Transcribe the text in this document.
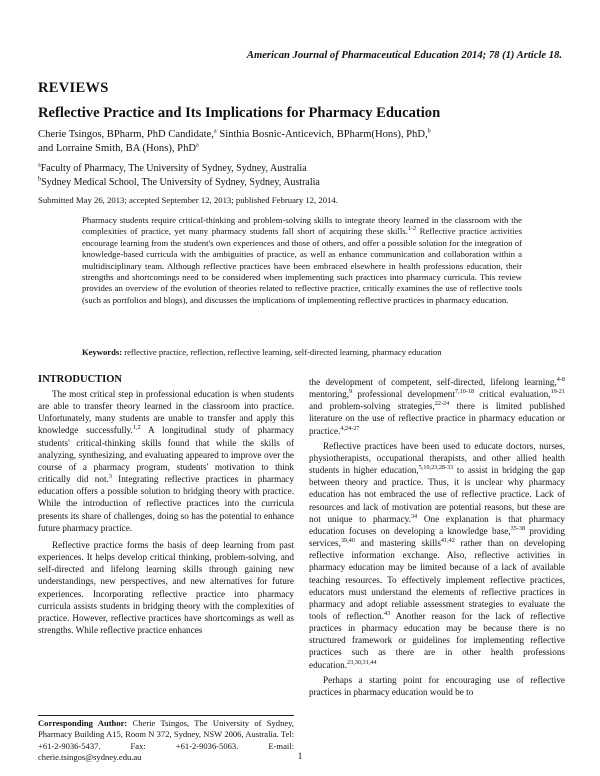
American Journal of Pharmaceutical Education 2014; 78 (1) Article 18.
REVIEWS
Reflective Practice and Its Implications for Pharmacy Education
Cherie Tsingos, BPharm, PhD Candidate,$^a$ Sinthia Bosnic-Anticevich, BPharm(Hons), PhD,$^b$
and Lorraine Smith, BA (Hons), PhD$^a$
$^a$Faculty of Pharmacy, The University of Sydney, Sydney, Australia
$^b$Sydney Medical School, The University of Sydney, Sydney, Australia
Submitted May 26, 2013; accepted September 12, 2013; published February 12, 2014.
Pharmacy students require critical-thinking and problem-solving skills to integrate theory learned in the classroom with the complexities of practice, yet many pharmacy students fall short of acquiring these skills.$^{1-2}$ Reflective practice activities encourage learning from the student's own experiences and those of others, and offer a possible solution for the integration of knowledge-based curricula with the ambiguities of practice, as well as enhance communication and collaboration within a multidisciplinary team. Although reflective practices have been embraced elsewhere in health professions education, their strengths and shortcomings need to be considered when implementing such practices into pharmacy curricula. This review provides an overview of the evolution of theories related to reflective practice, critically examines the use of reflective tools (such as portfolios and blogs), and discusses the implications of implementing reflective practices in pharmacy education.
Keywords: reflective practice, reflection, reflective learning, self-directed learning, pharmacy education
INTRODUCTION

The most critical step in professional education is when students are able to transfer theory learned in the classroom into practice. Unfortunately, many students are unable to transfer and apply this knowledge successfully.$^{1,2}$ A longitudinal study of pharmacy students' critical-thinking skills found that while the skills of analyzing, synthesizing, and evaluating appeared to improve over the course of a pharmacy program, students' motivation to think critically did not.$^3$ Integrating reflective practices in pharmacy education offers a possible solution to bridging theory with practice. While the introduction of reflective practices into the curricula presents its share of challenges, doing so has the potential to enhance future pharmacy practice.

Reflective practice forms the basis of deep learning from past experiences. It helps develop critical thinking, problem-solving, and self-directed and lifelong learning skills through gaining new understandings, new perspectives, and new alternatives for future experiences. Incorporating reflective practice into pharmacy curricula assists students in bridging theory with the complexities of practice. However, reflective practices have shortcomings as well as strengths. While reflective practice enhances

the development of competent, self-directed, lifelong learning,$^{4-8}$ mentoring,$^9$ professional development$^{7,10-18}$ critical evaluation,$^{19-21}$ and problem-solving strategies,$^{22-24}$ there is limited published literature on the use of reflective practice in pharmacy education or practice.$^{4,24-27}$

Reflective practices have been used to educate doctors, nurses, physiotherapists, occupational therapists, and other allied health students in higher education,$^{5,19,23,28-33}$ to assist in bridging the gap between theory and practice. Thus, it is unclear why pharmacy education has not embraced the use of reflective practice. Lack of resources and lack of motivation are potential reasons, but these are not unique to pharmacy.$^{34}$ One explanation is that pharmacy education focuses on developing a knowledge base,$^{35-38}$ providing services,$^{39,40}$ and mastering skills$^{41,42}$ rather than on developing reflective information exchange. Also, reflective activities in pharmacy education may be limited because of a lack of available teaching resources. To effectively implement reflective practices, educators must understand the elements of reflective practices in pharmacy and adopt reliable assessment strategies to evaluate the tools of reflection.$^{43}$ Another reason for the lack of reflective practices in pharmacy education may be because there is no structured framework or guidelines for implementing reflective practices such as there are in other health professions education.$^{23,30,31,44}$

Perhaps a starting point for encouraging use of reflective practices in pharmacy education would be to

Corresponding Author: Cherie Tsingos, The University of Sydney, Pharmacy Building A15, Room N 372, Sydney, NSW 2006, Australia. Tel: +61-2-9036-5437. Fax: +61-2-9036-5063. E-mail: cherie.tsingos@sydney.edu.au	1
